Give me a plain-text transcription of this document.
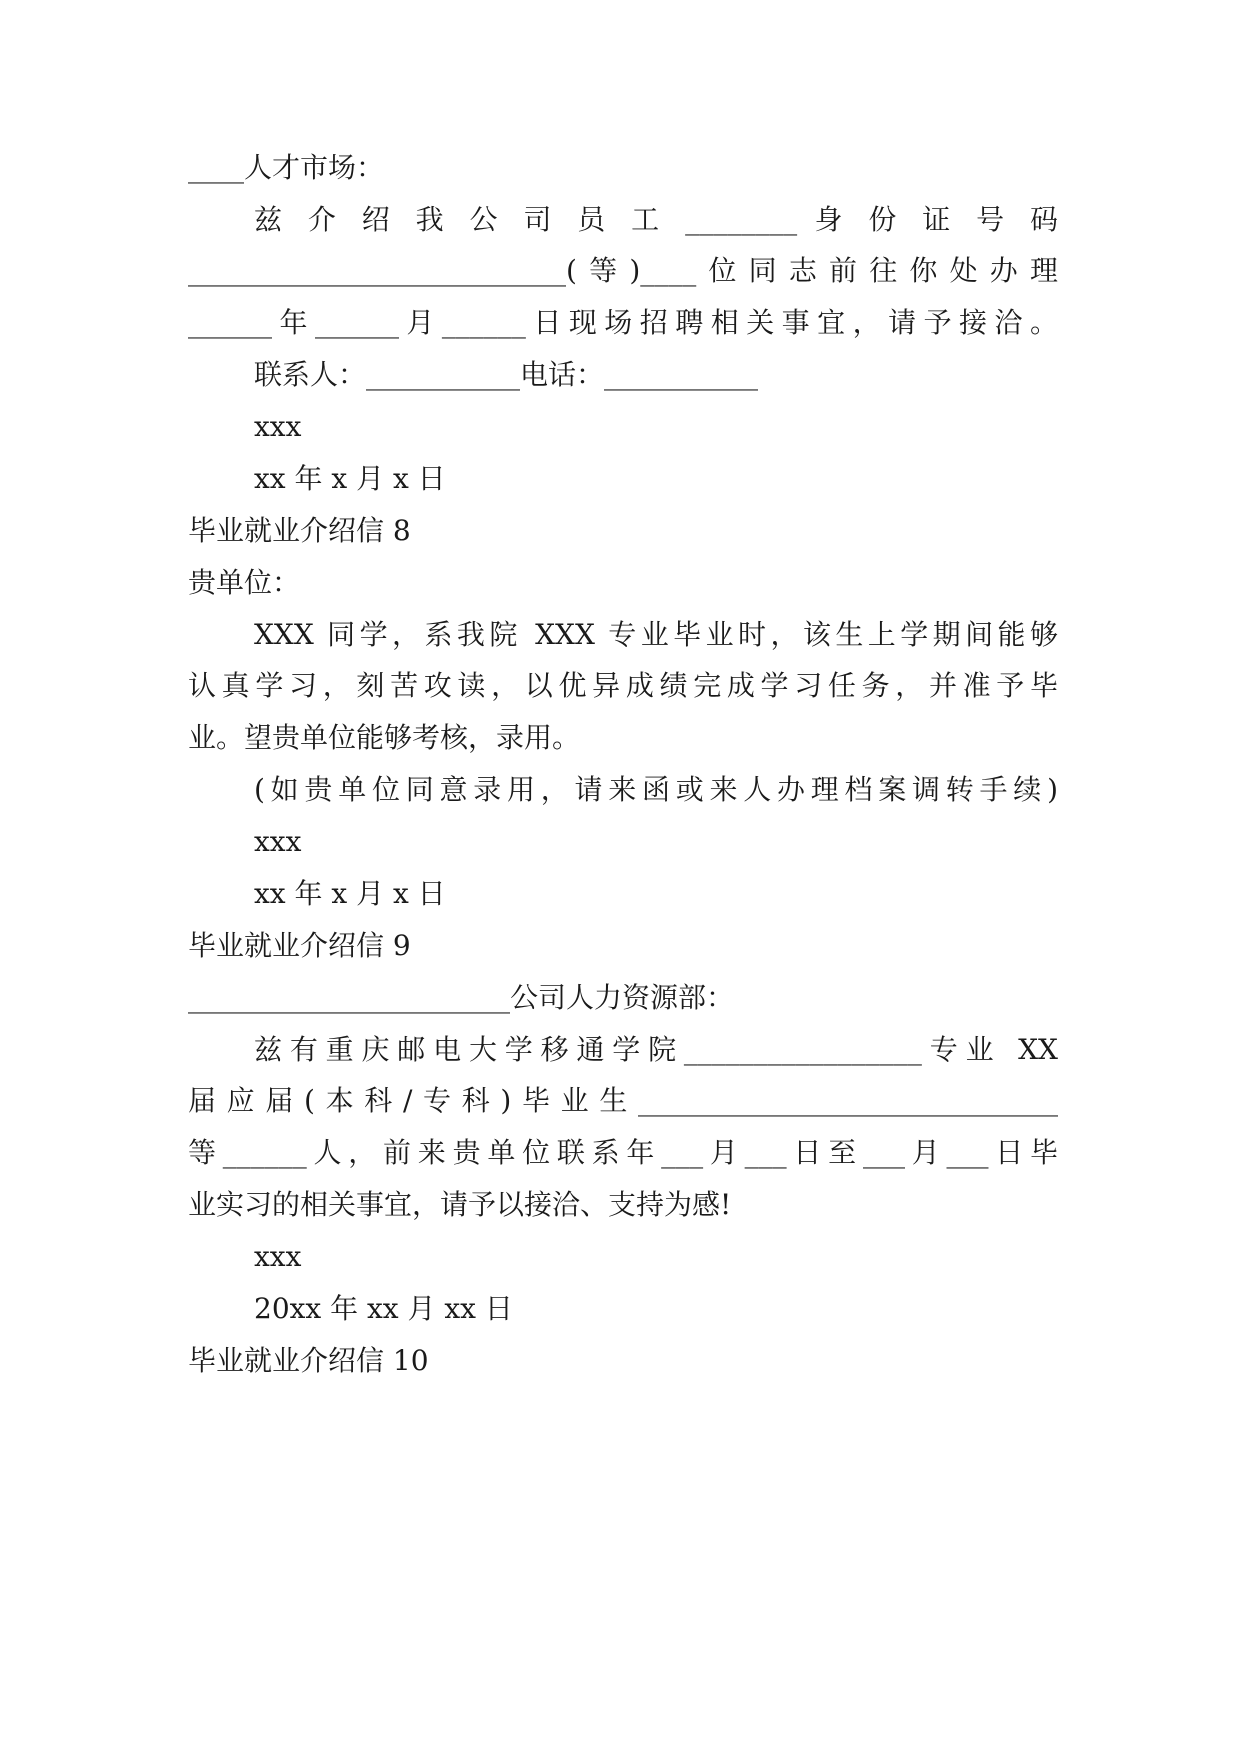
____人才市场：
兹 介 绍 我 公 司 员 工 ________ 身 份 证 号 码
___________________________(等)____位同志前往你处办理
______年______月______日现场招聘相关事宜，请予接洽。
联系人：___________电话：___________
xxx
xx 年 x 月 x 日
毕业就业介绍信 8
贵单位：
XXX 同学，系我院 XXX 专业毕业时，该生上学期间能够
认真学习，刻苦攻读，以优异成绩完成学习任务，并准予毕
业。望贵单位能够考核，录用。
(如贵单位同意录用，请来函或来人办理档案调转手续)
xxx
xx 年 x 月 x 日
毕业就业介绍信 9
_______________________公司人力资源部：
兹有重庆邮电大学移通学院_________________专业 XX
届应届(本科/专科)毕业生______________________________
等______人，前来贵单位联系年___月___日至___月___日毕
业实习的相关事宜，请予以接洽、支持为感!
xxx
20xx 年 xx 月 xx 日
毕业就业介绍信 10
